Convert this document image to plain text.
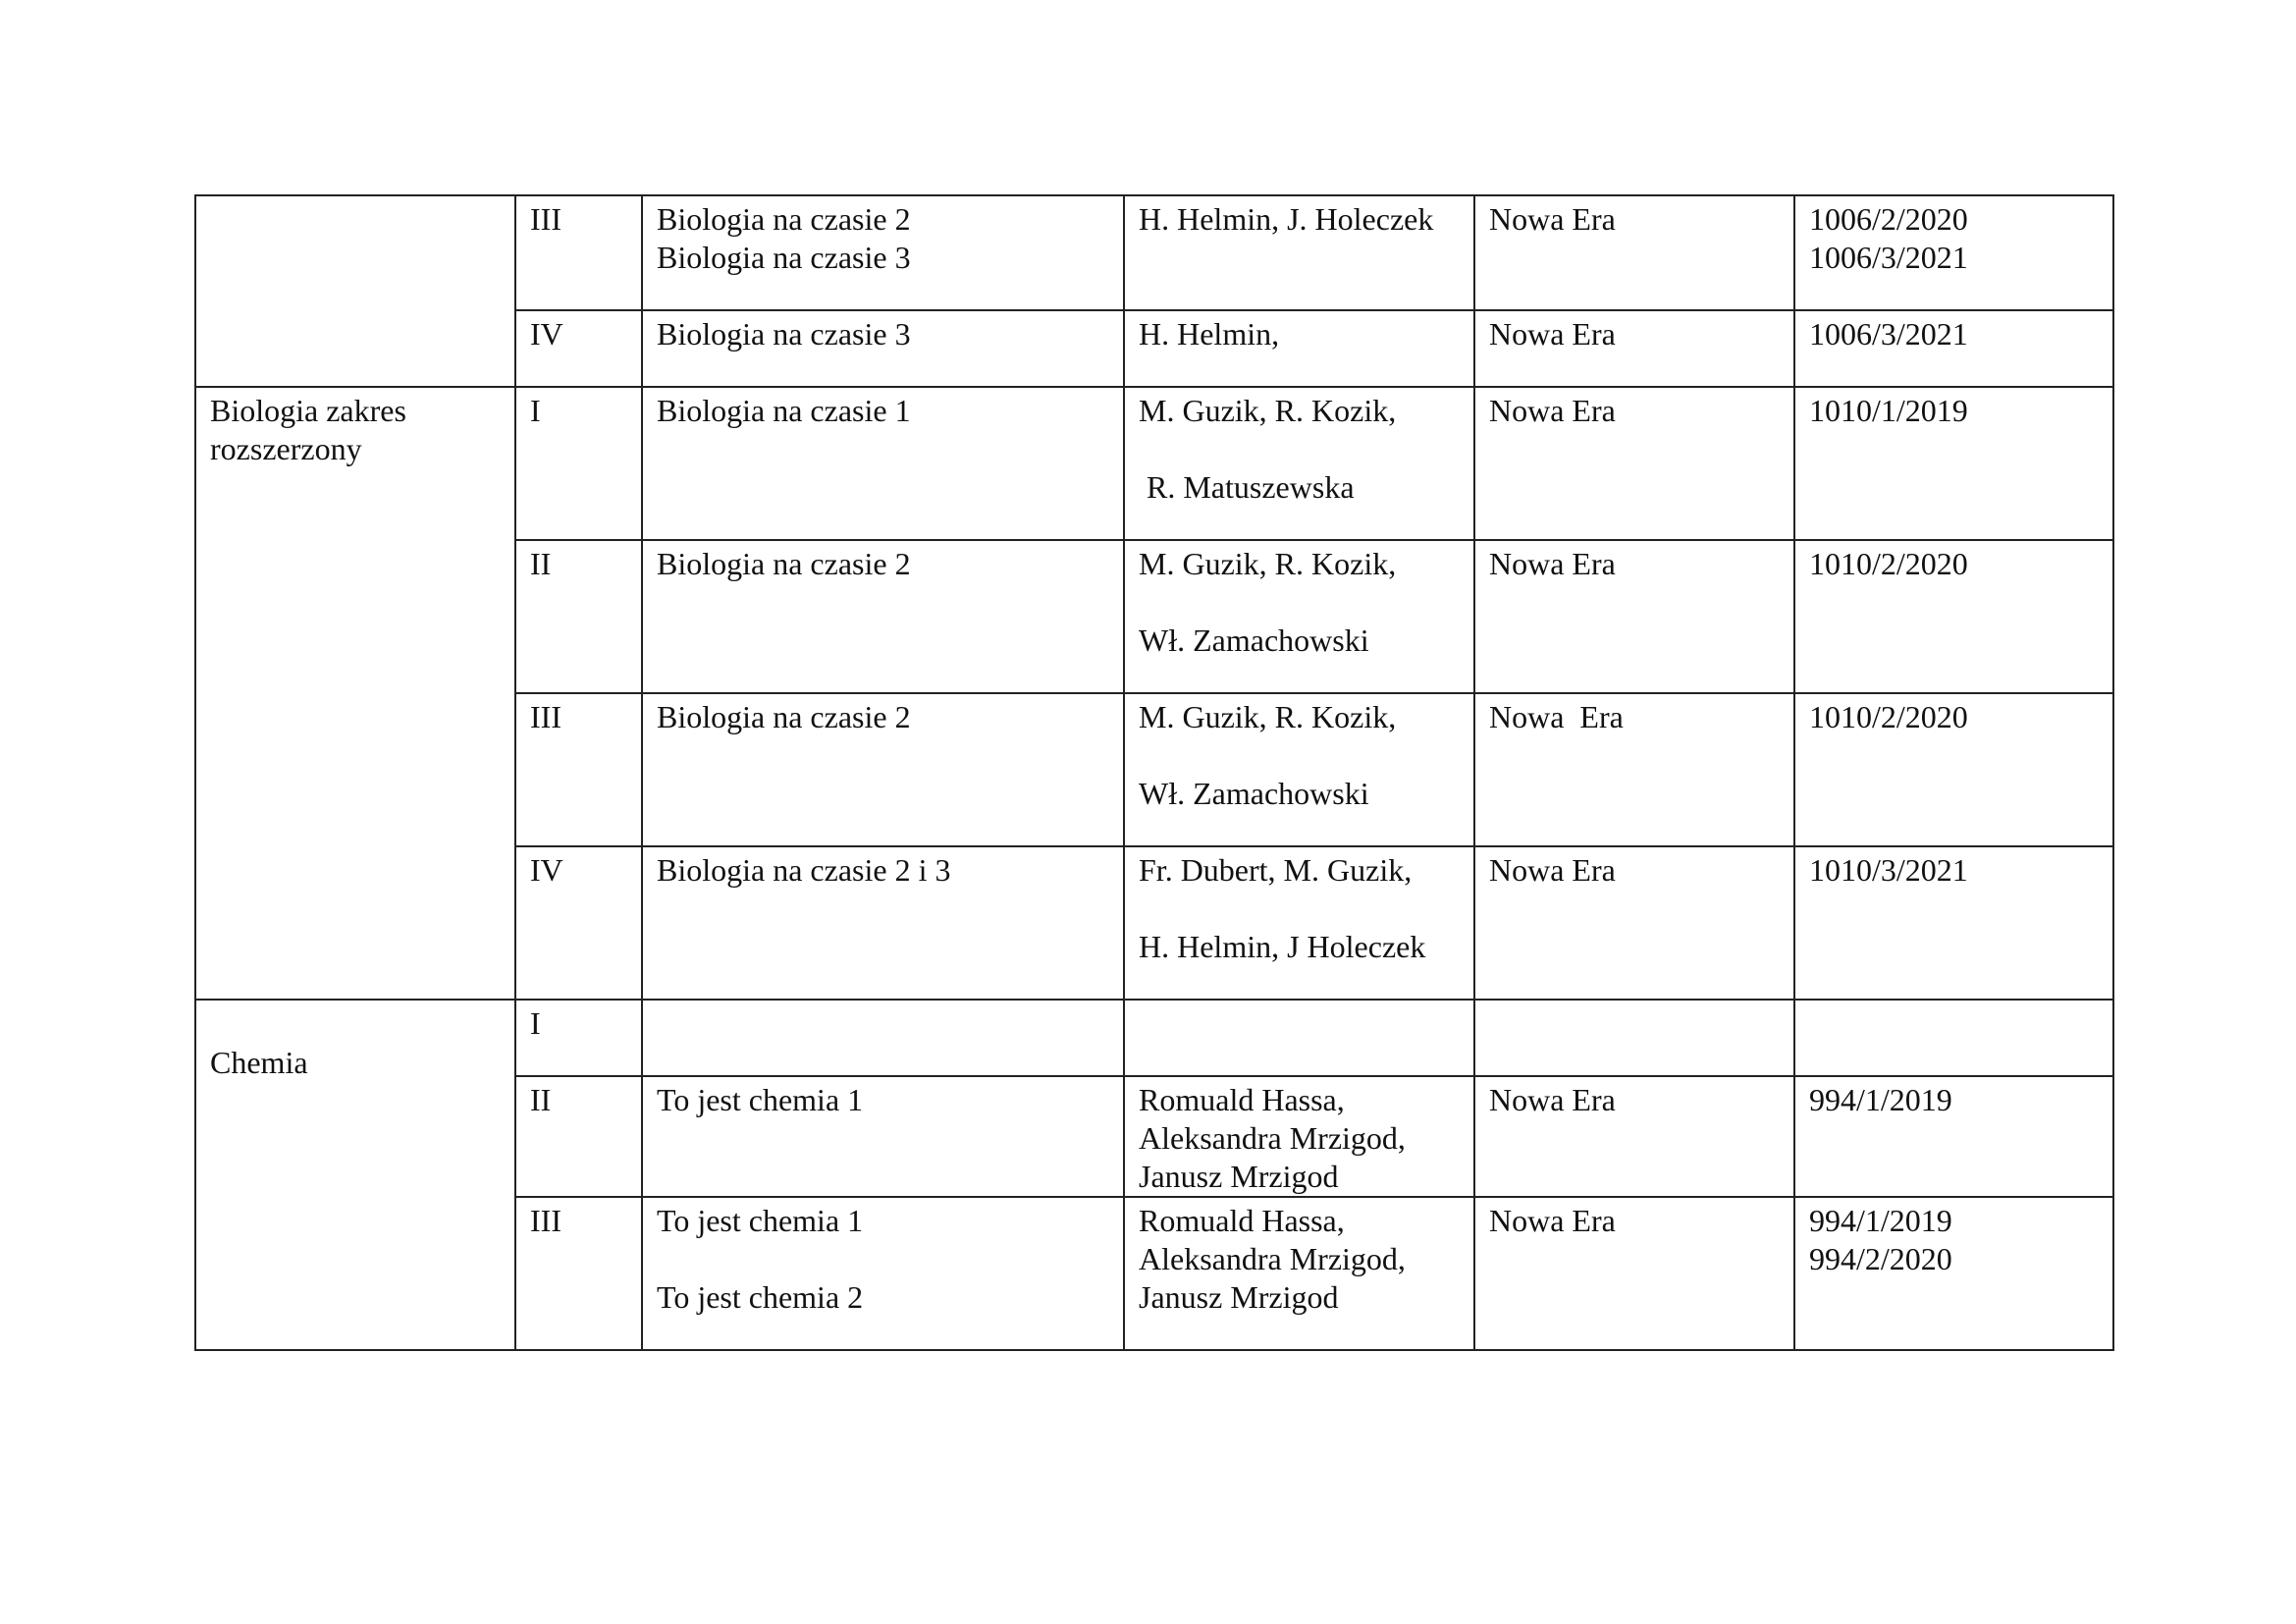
	III	Biologia na czasie 2
Biologia na czasie 3	H. Helmin, J. Holeczek	Nowa Era	1006/2/2020
1006/3/2021

	IV	Biologia na czasie 3	H. Helmin,	Nowa Era	1006/3/2021

Biologia zakres
rozszerzony	I	Biologia na czasie 1	M. Guzik, R. Kozik,
R. Matuszewska	Nowa Era	1010/1/2019

	II	Biologia na czasie 2	M. Guzik, R. Kozik,
Wł. Zamachowski	Nowa Era	1010/2/2020

	III	Biologia na czasie 2	M. Guzik, R. Kozik,
Wł. Zamachowski	Nowa  Era	1010/2/2020

	IV	Biologia na czasie 2 i 3	Fr. Dubert, M. Guzik,
H. Helmin, J Holeczek	Nowa Era	1010/3/2021

Chemia	I				

	II	To jest chemia 1	Romuald Hassa,
Aleksandra Mrzigod,
Janusz Mrzigod	Nowa Era	994/1/2019

	III	To jest chemia 1
To jest chemia 2	Romuald Hassa,
Aleksandra Mrzigod,
Janusz Mrzigod	Nowa Era	994/1/2019
994/2/2020
